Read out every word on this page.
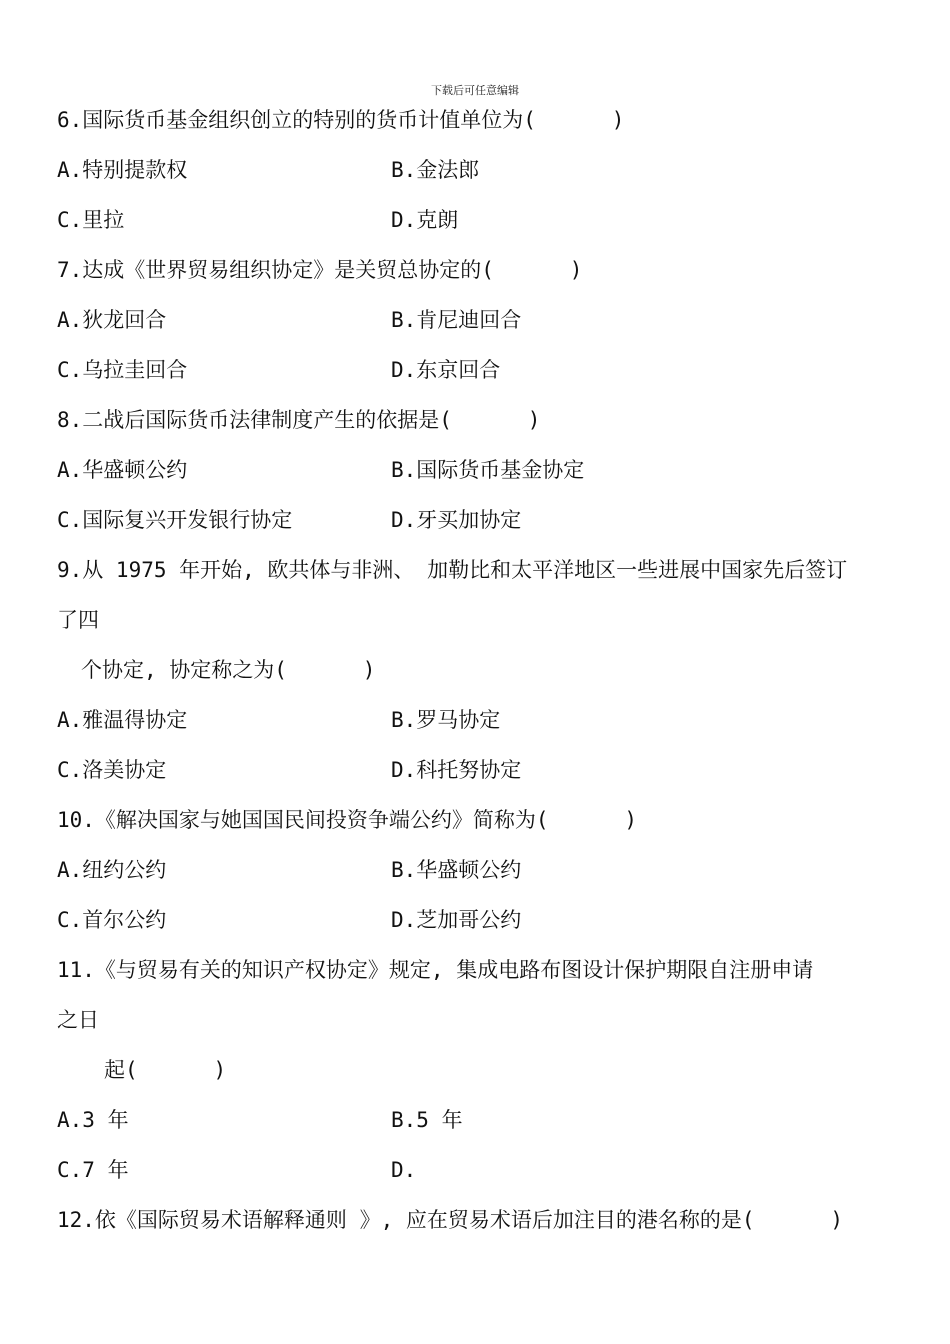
下载后可任意编辑
6.国际货币基金组织创立的特别的货币计值单位为(      )
A.特别提款权	B.金法郎
C.里拉	D.克朗
7.达成《世界贸易组织协定》是关贸总协定的(      )
A.狄龙回合	B.肯尼迪回合
C.乌拉圭回合	D.东京回合
8.二战后国际货币法律制度产生的依据是(      )
A.华盛顿公约	B.国际货币基金协定
C.国际复兴开发银行协定	D.牙买加协定
9.从 1975 年开始, 欧共体与非洲、 加勒比和太平洋地区一些进展中国家先后签订
了四
个协定, 协定称之为(      )
A.雅温得协定	B.罗马协定
C.洛美协定	D.科托努协定
10.《解决国家与她国国民间投资争端公约》简称为(      )
A.纽约公约	B.华盛顿公约
C.首尔公约	D.芝加哥公约
11.《与贸易有关的知识产权协定》规定, 集成电路布图设计保护期限自注册申请
之日
起(      )
A.3 年	B.5 年
C.7 年	D.
12.依《国际贸易术语解释通则 》, 应在贸易术语后加注目的港名称的是(      )
